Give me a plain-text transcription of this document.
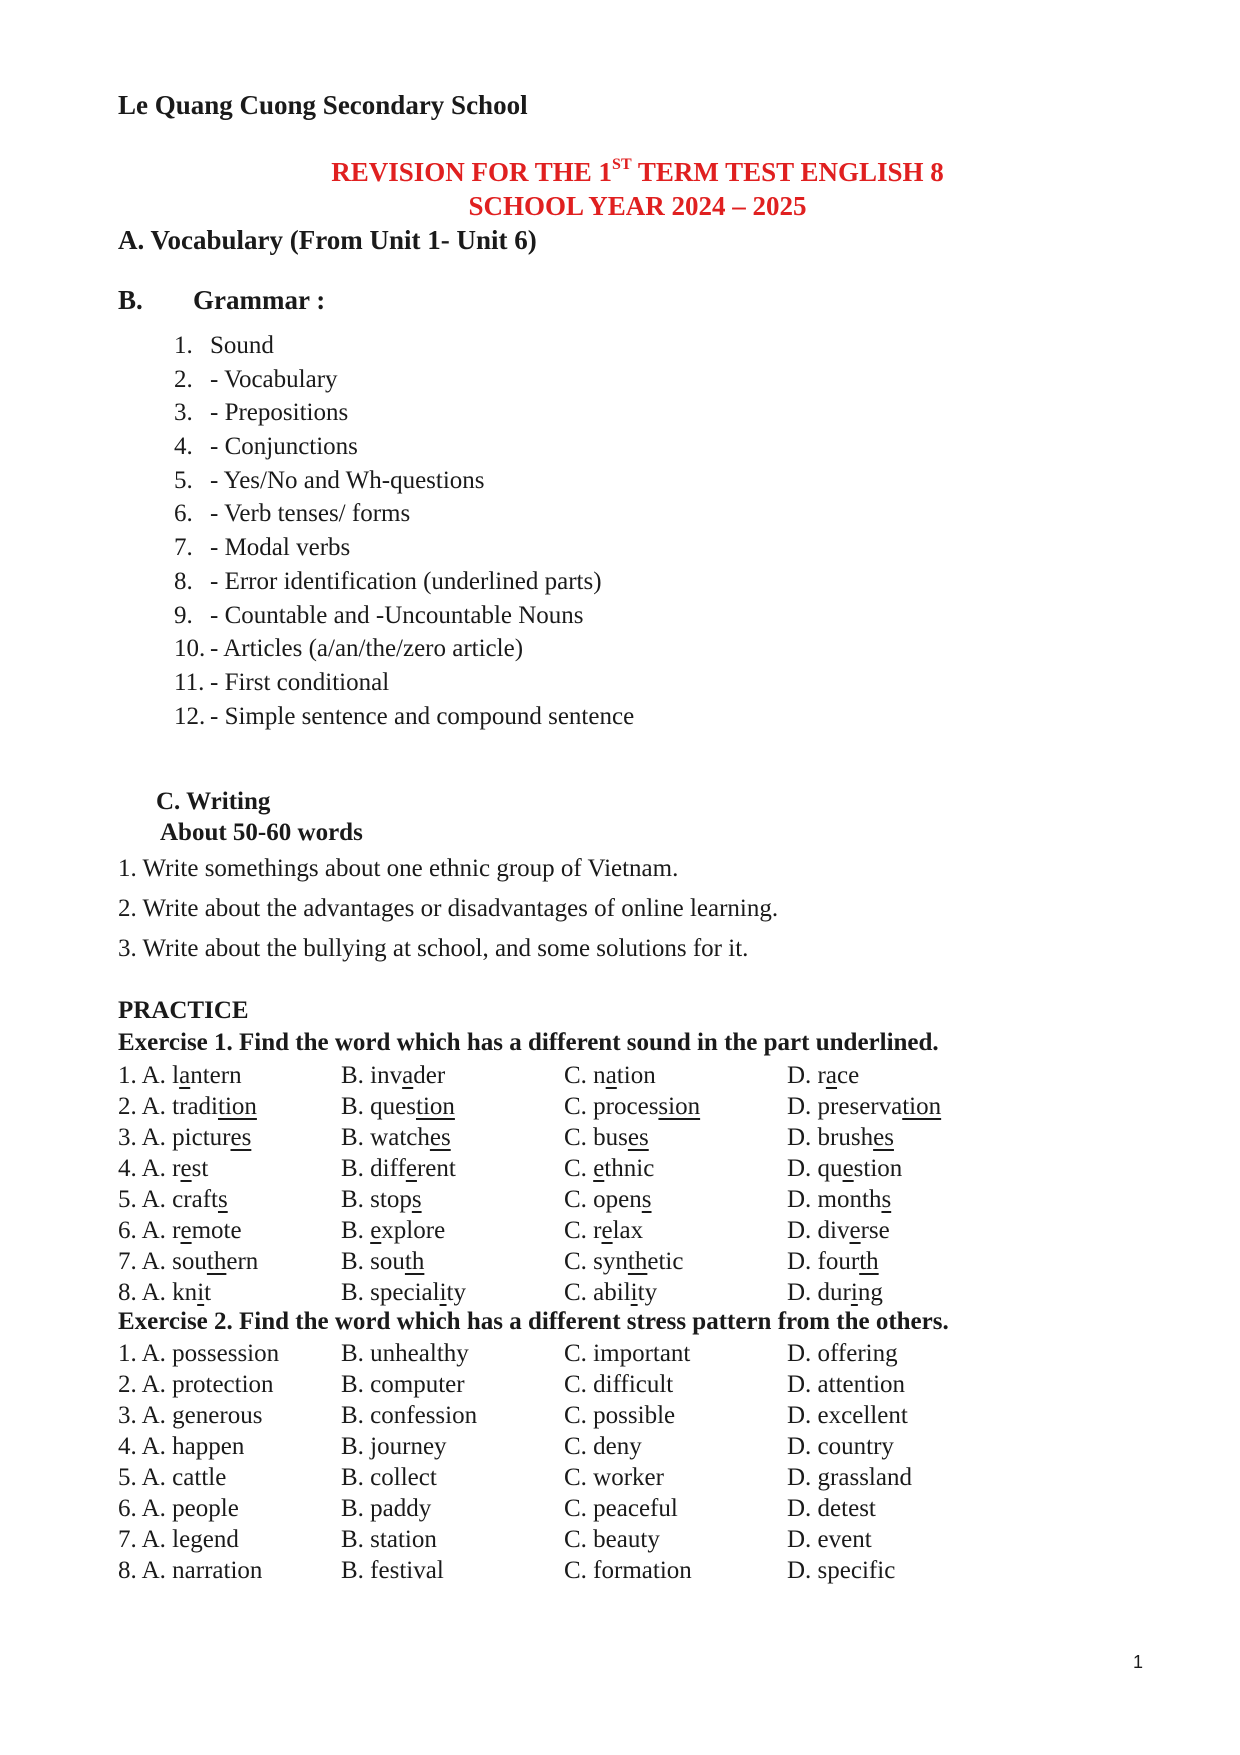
Le Quang Cuong Secondary School
REVISION FOR THE 1ST TERM TEST ENGLISH 8
SCHOOL YEAR 2024 – 2025
A. Vocabulary (From Unit 1- Unit 6)
B. Grammar :
1. Sound
2. - Vocabulary
3. - Prepositions
4. - Conjunctions
5. - Yes/No and Wh-questions
6. - Verb tenses/ forms
7. - Modal verbs
8. - Error identification (underlined parts)
9. - Countable and -Uncountable Nouns
10. - Articles (a/an/the/zero article)
11. - First conditional
12. - Simple sentence and compound sentence
C. Writing
About 50-60 words
1. Write somethings about one ethnic group of Vietnam.
2. Write about the advantages or disadvantages of online learning.
3. Write about the bullying at school, and some solutions for it.
PRACTICE
Exercise 1. Find the word which has a different sound in the part underlined.
1. A. lantern	B. invader	C. nation	D. race
2. A. tradition	B. question	C. procession	D. preservation
3. A. pictures	B. watches	C. buses	D. brushes
4. A. rest	B. different	C. ethnic	D. question
5. A. crafts	B. stops	C. opens	D. months
6. A. remote	B. explore	C. relax	D. diverse
7. A. southern	B. south	C. synthetic	D. fourth
8. A. knit	B. speciality	C. ability	D. during
Exercise 2. Find the word which has a different stress pattern from the others.
1. A. possession B. unhealthy	C. important	D. offering
2. A. protection	B. computer	C. difficult	D. attention
3. A. generous	B. confession	C. possible	D. excellent
4. A. happen	B. journey	C. deny	D. country
5. A. cattle	B. collect	C. worker	D. grassland
6. A. people	B. paddy	C. peaceful	D. detest
7. A. legend	B. station	C. beauty	D. event
8. A. narration	B. festival	C. formation	D. specific
1
